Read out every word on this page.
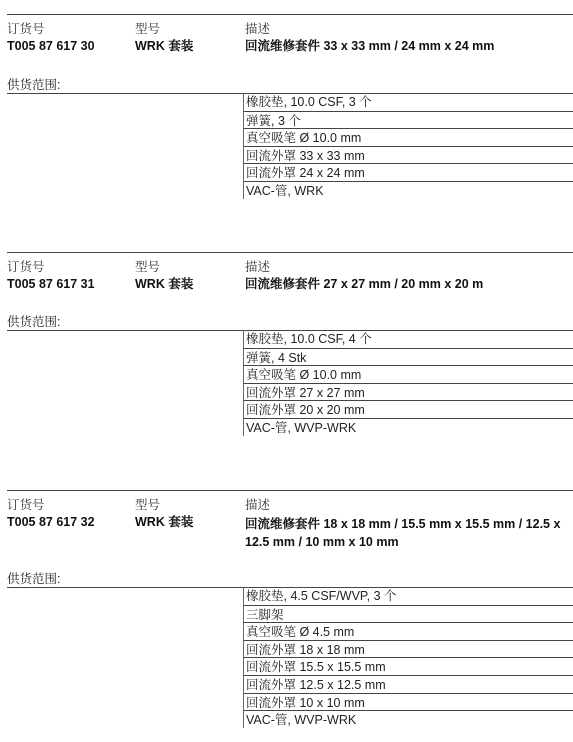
订货号	型号	描述
T005 87 617 30	WRK 套装	回流维修套件 33 x 33 mm / 24 mm x 24 mm
供货范围:
橡胶垫, 10.0 CSF, 3 个
弹簧, 3 个
真空吸笔 Ø 10.0 mm
回流外罩 33 x 33 mm
回流外罩 24 x 24 mm
VAC-管, WRK
订货号	型号	描述
T005 87 617 31	WRK 套装	回流维修套件 27 x 27 mm / 20 mm x 20 m
供货范围:
橡胶垫, 10.0 CSF, 4 个
弹簧, 4 Stk
真空吸笔 Ø 10.0 mm
回流外罩 27 x 27 mm
回流外罩 20 x 20 mm
VAC-管, WVP-WRK
订货号	型号	描述
T005 87 617 32	WRK 套装	回流维修套件 18 x 18 mm / 15.5 mm x 15.5 mm / 12.5 x 12.5 mm / 10 mm x 10 mm
供货范围:
橡胶垫, 4.5 CSF/WVP, 3 个
三脚架
真空吸笔 Ø 4.5 mm
回流外罩 18 x 18 mm
回流外罩 15.5 x 15.5 mm
回流外罩 12.5 x 12.5 mm
回流外罩 10 x 10 mm
VAC-管, WVP-WRK
